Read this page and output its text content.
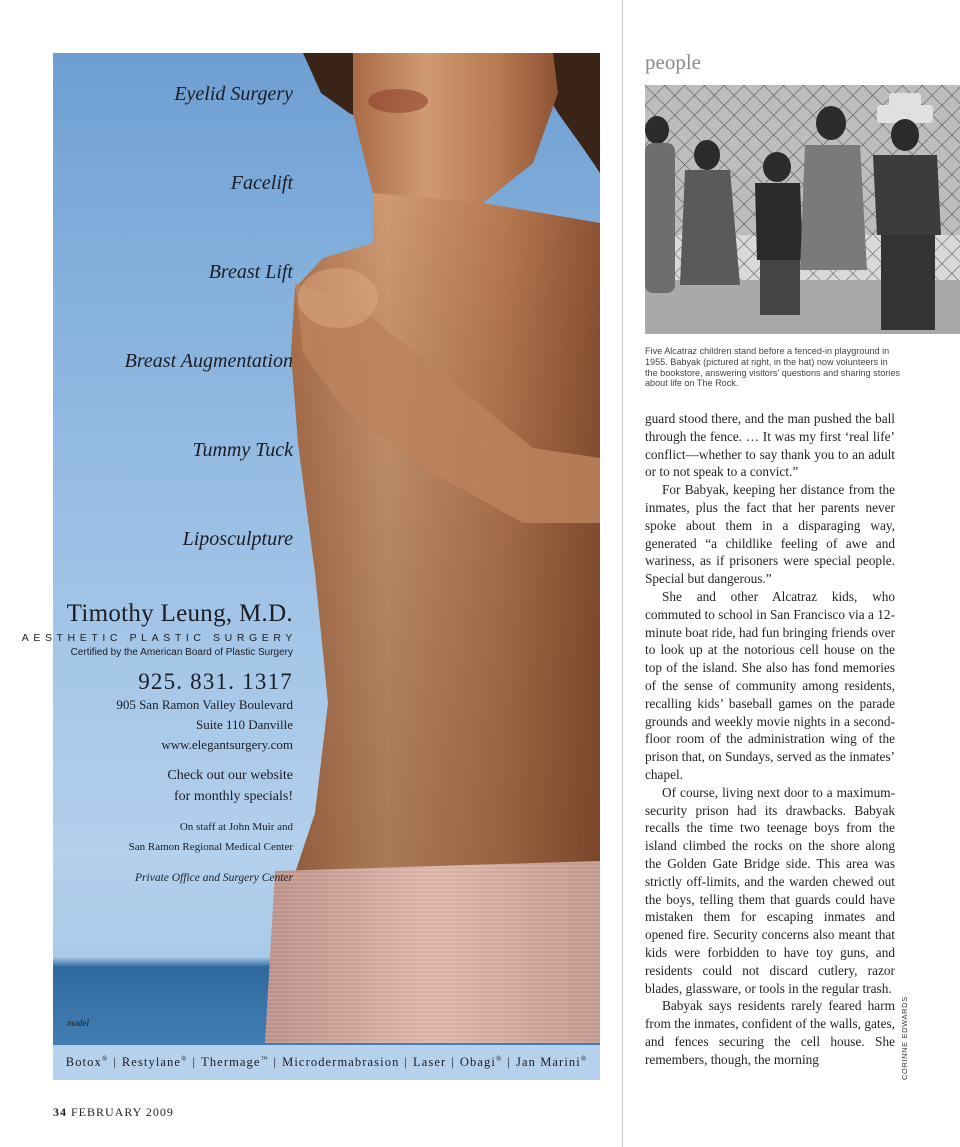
Eyelid Surgery
Facelift
Breast Lift
Breast Augmentation
Tummy Tuck
Liposculpture
Timothy Leung, M.D.
AESTHETIC PLASTIC SURGERY
Certified by the American Board of Plastic Surgery
925. 831. 1317
905 San Ramon Valley Boulevard
Suite 110 Danville
www.elegantsurgery.com
Check out our website
for monthly specials!
On staff at John Muir and
San Ramon Regional Medical Center
Private Office and Surgery Center
model
Botox® | Restylane® | Thermage™ | Microdermabrasion | Laser | Obagi® | Jan Marini®
people
Five Alcatraz children stand before a fenced-in playground in 1955. Babyak (pictured at right, in the hat) now volunteers in the bookstore, answering visitors’ questions and sharing stories about life on The Rock.

guard stood there, and the man pushed the ball through the fence. … It was my first ‘real life’ conflict—whether to say thank you to an adult or to not speak to a convict.”

For Babyak, keeping her distance from the inmates, plus the fact that her parents never spoke about them in a disparaging way, generated “a childlike feeling of awe and wariness, as if prisoners were special people. Special but dangerous.”

She and other Alcatraz kids, who commuted to school in San Francisco via a 12-minute boat ride, had fun bringing friends over to look up at the notorious cell house on the top of the island. She also has fond memories of the sense of community among residents, recalling kids’ baseball games on the parade grounds and weekly movie nights in a second-floor room of the administration wing of the prison that, on Sundays, served as the inmates’ chapel.

Of course, living next door to a maximum-security prison had its drawbacks. Babyak recalls the time two teenage boys from the island climbed the rocks on the shore along the Golden Gate Bridge side. This area was strictly off-limits, and the warden chewed out the boys, telling them that guards could have mistaken them for escaping inmates and opened fire. Security concerns also meant that kids were forbidden to have toy guns, and residents could not discard cutlery, razor blades, glassware, or tools in the regular trash.

Babyak says residents rarely feared harm from the inmates, confident of the walls, gates, and fences securing the cell house. She remembers, though, the morning	CORINNE EDWARDS
34 FEBRUARY 2009
